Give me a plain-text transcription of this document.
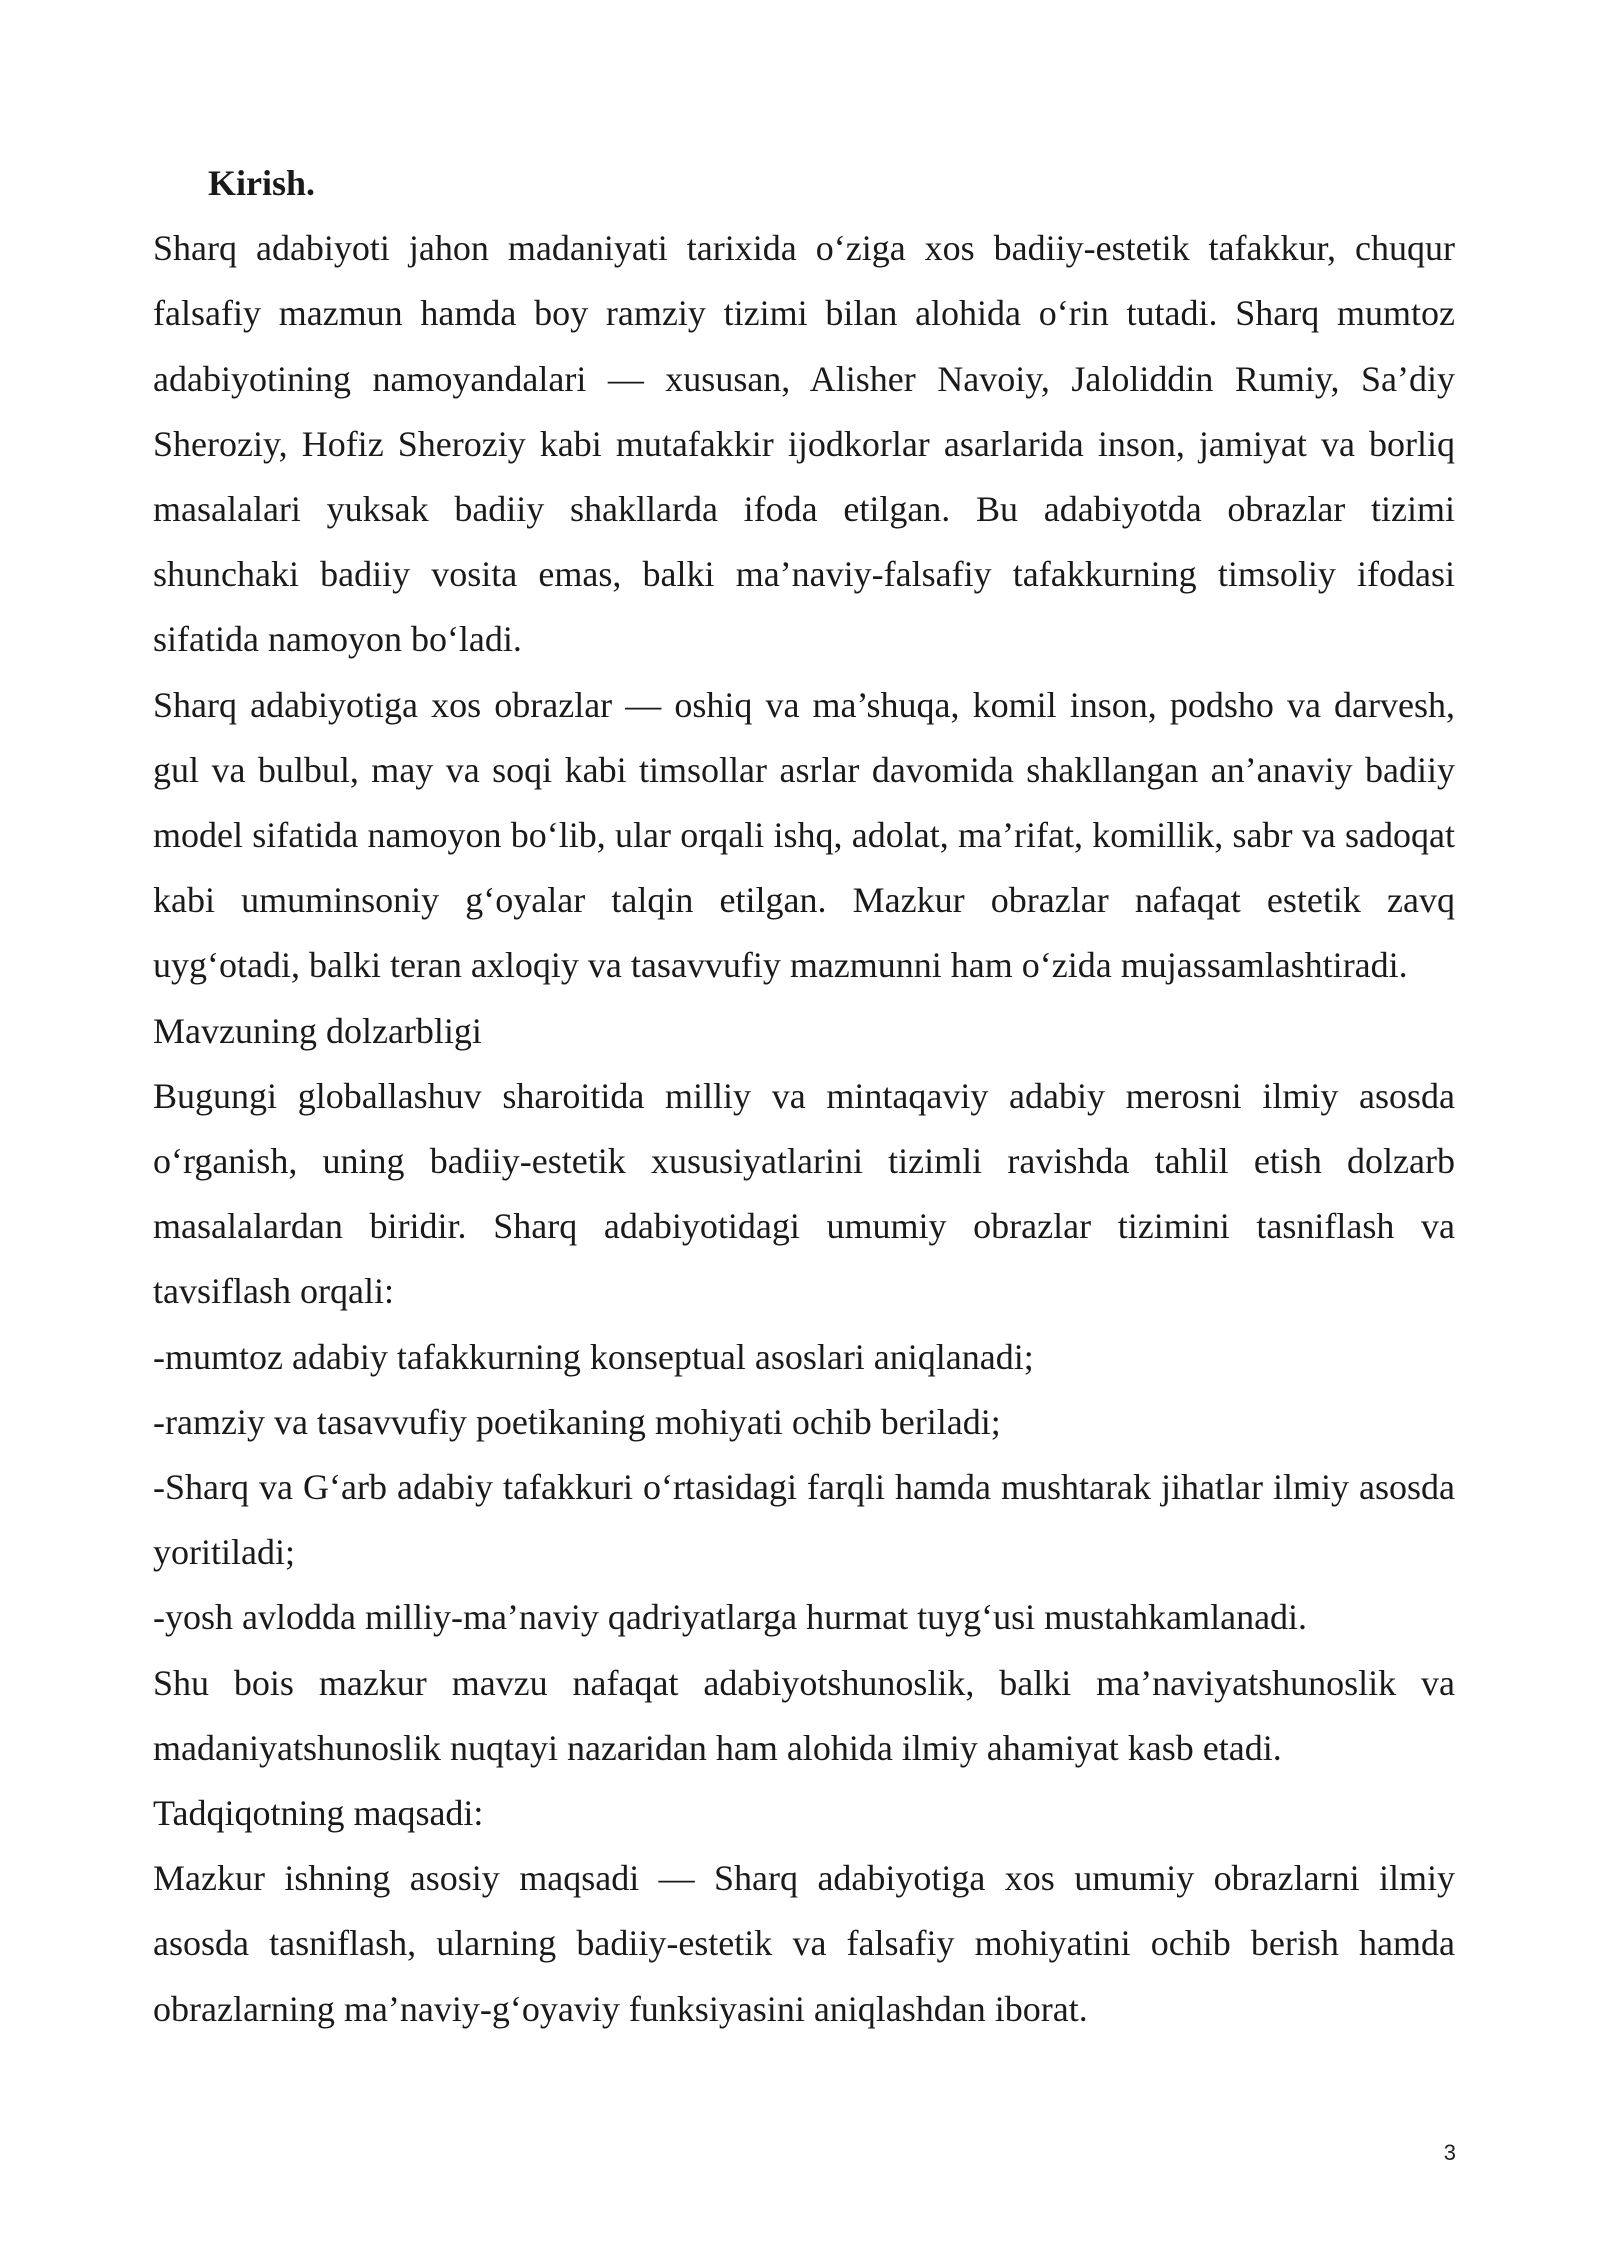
Kirish.

Sharq adabiyoti jahon madaniyati tarixida o‘ziga xos badiiy-estetik tafakkur, chuqur falsafiy mazmun hamda boy ramziy tizimi bilan alohida o‘rin tutadi. Sharq mumtoz adabiyotining namoyandalari — xususan, Alisher Navoiy, Jaloliddin Rumiy, Sa’diy Sheroziy, Hofiz Sheroziy kabi mutafakkir ijodkorlar asarlarida inson, jamiyat va borliq masalalari yuksak badiiy shakllarda ifoda etilgan. Bu adabiyotda obrazlar tizimi shunchaki badiiy vosita emas, balki ma’naviy-falsafiy tafakkurning timsoliy ifodasi sifatida namoyon bo‘ladi.

Sharq adabiyotiga xos obrazlar — oshiq va ma’shuqa, komil inson, podsho va darvesh, gul va bulbul, may va soqi kabi timsollar asrlar davomida shakllangan an’anaviy badiiy model sifatida namoyon bo‘lib, ular orqali ishq, adolat, ma’rifat, komillik, sabr va sadoqat kabi umuminsoniy g‘oyalar talqin etilgan. Mazkur obrazlar nafaqat estetik zavq uyg‘otadi, balki teran axloqiy va tasavvufiy mazmunni ham o‘zida mujassamlashtiradi.

Mavzuning dolzarbligi

Bugungi globallashuv sharoitida milliy va mintaqaviy adabiy merosni ilmiy asosda o‘rganish, uning badiiy-estetik xususiyatlarini tizimli ravishda tahlil etish dolzarb masalalardan biridir. Sharq adabiyotidagi umumiy obrazlar tizimini tasniflash va tavsiflash orqali:

-mumtoz adabiy tafakkurning konseptual asoslari aniqlanadi;

-ramziy va tasavvufiy poetikaning mohiyati ochib beriladi;

-Sharq va G‘arb adabiy tafakkuri o‘rtasidagi farqli hamda mushtarak jihatlar ilmiy asosda yoritiladi;

-yosh avlodda milliy-ma’naviy qadriyatlarga hurmat tuyg‘usi mustahkamlanadi.

Shu bois mazkur mavzu nafaqat adabiyotshunoslik, balki ma’naviyatshunoslik va madaniyatshunoslik nuqtayi nazaridan ham alohida ilmiy ahamiyat kasb etadi.

Tadqiqotning maqsadi:

Mazkur ishning asosiy maqsadi — Sharq adabiyotiga xos umumiy obrazlarni ilmiy asosda tasniflash, ularning badiiy-estetik va falsafiy mohiyatini ochib berish hamda obrazlarning ma’naviy-g‘oyaviy funksiyasini aniqlashdan iborat.

3
